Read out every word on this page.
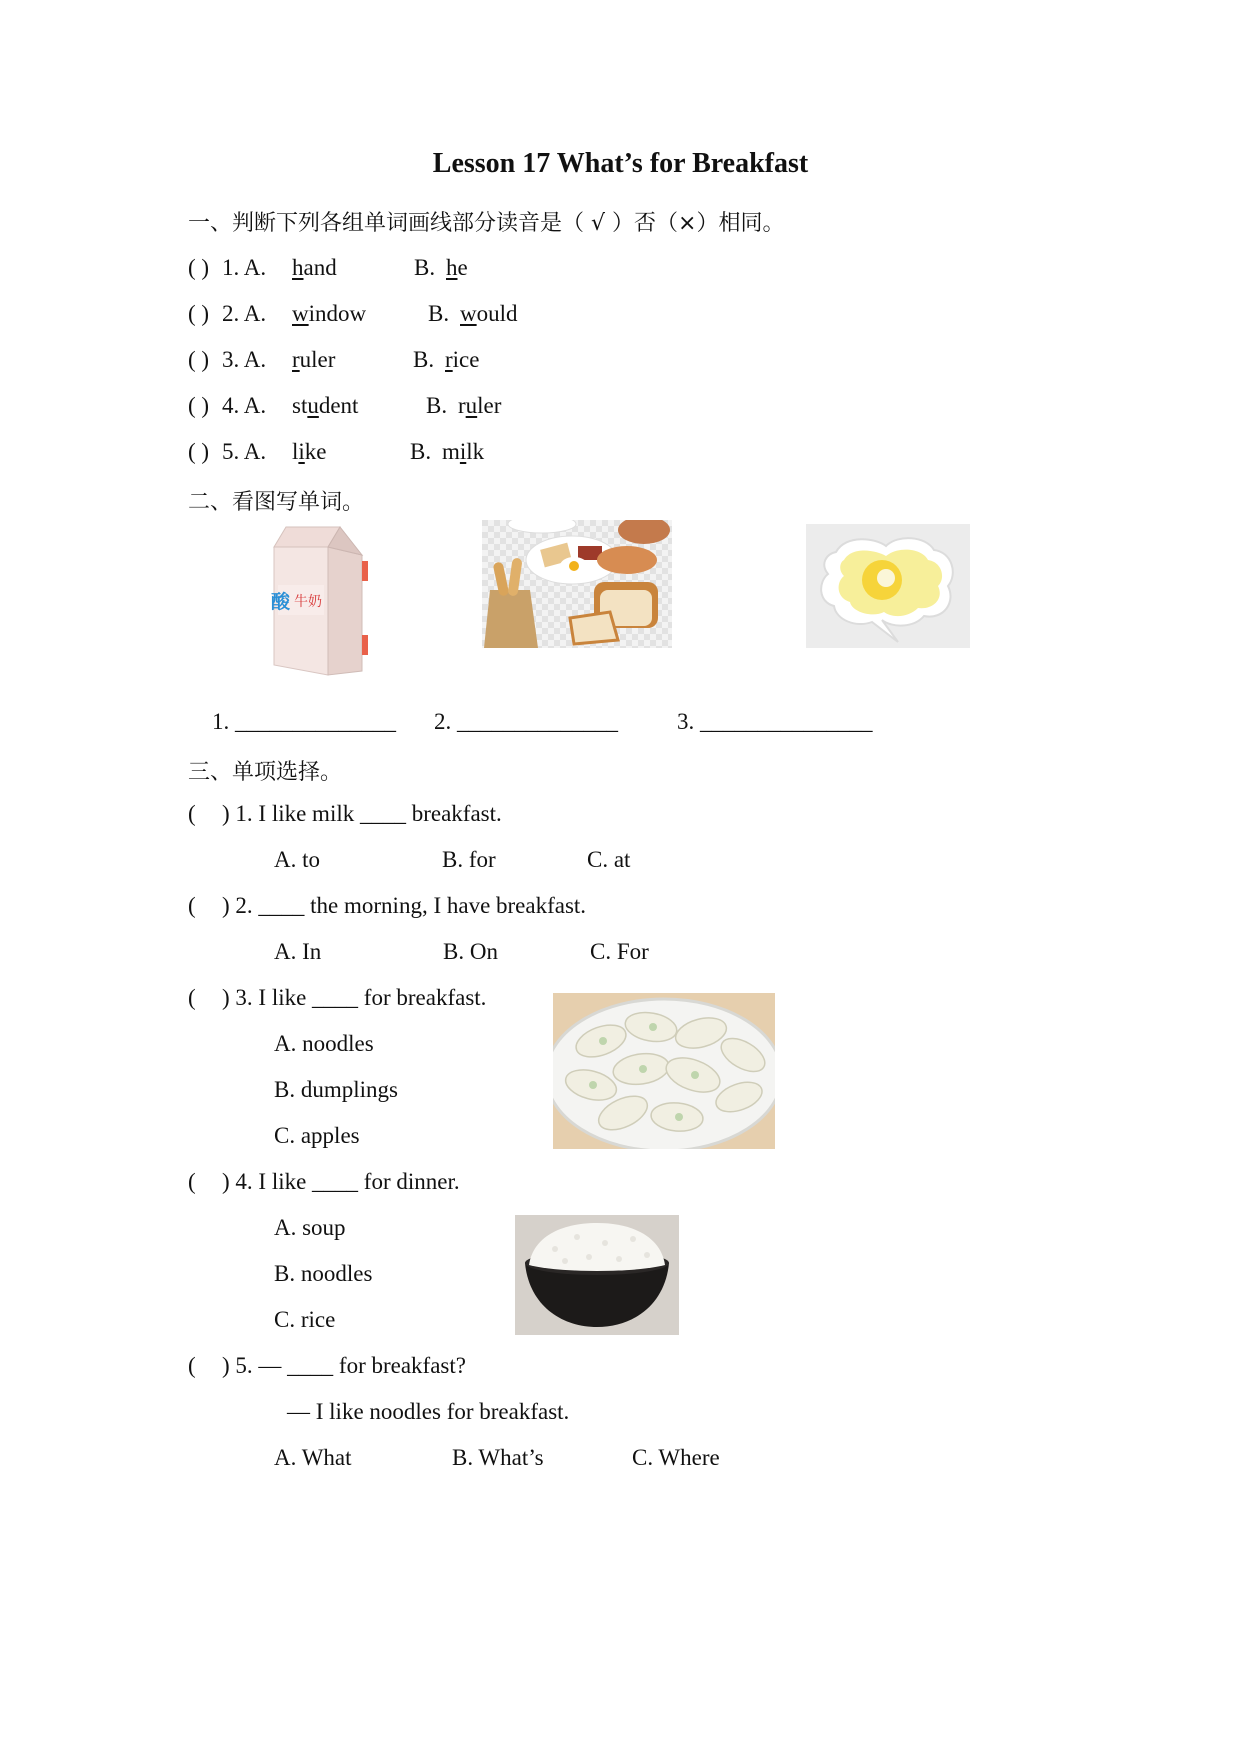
Lesson 17 What’s for Breakfast
一、判断下列各组单词画线部分读音是（ √ ）否（×）相同。
( ) 1. A. hand	B. he
( ) 2. A. window	B. would
( ) 3. A. ruler	B. rice
( ) 4. A. student	B. ruler
( ) 5. A. like	B. milk
二、看图写单词。
酸 牛奶
1. ______________ 2. ______________	3. _______________
三、单项选择。
( ) 1. I like milk ____ breakfast.
A. to	B. for	C. at
( ) 2. ____ the morning, I have breakfast.
A. In	B. On	C. For
( ) 3. I like ____ for breakfast.
A. noodles
B. dumplings
C. apples
( ) 4. I like ____ for dinner.
A. soup
B. noodles
C. rice
( ) 5. — ____ for breakfast?
— I like noodles for breakfast.
A. What	B. What’s	C. Where
